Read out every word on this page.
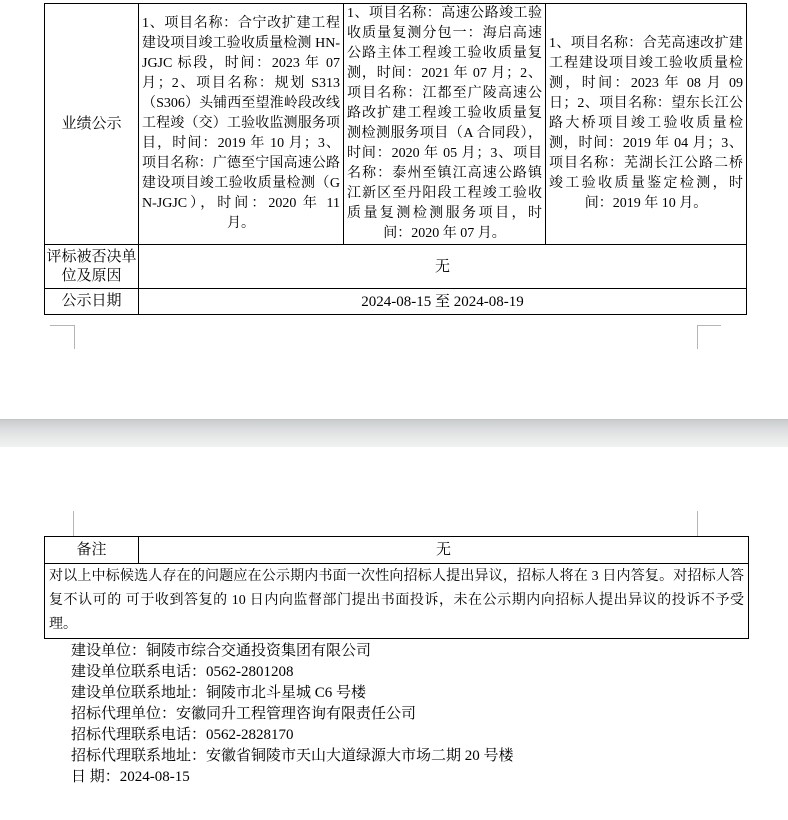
业绩公示	1、项目名称：合宁改扩建工程建设项目竣工验收质量检测 HN-JGJC 标段，时间：2023 年 07 月；2、项目名称：规划 S313（S306）头铺西至望淮岭段改线工程竣（交）工验收监测服务项目，时间：2019 年 10 月；3、项目名称：广德至宁国高速公路建设项目竣工验收质量检测（GN-JGJC），时间：2020 年 11 月。	1、项目名称：高速公路竣工验收质量复测分包一：海启高速公路主体工程竣工验收质量复测，时间：2021 年 07 月；2、项目名称：江都至广陵高速公路改扩建工程竣工验收质量复测检测服务项目（A 合同段），时间：2020 年 05 月；3、项目名称：泰州至镇江高速公路镇江新区至丹阳段工程竣工验收质量复测检测服务项目，时间：2020 年 07 月。	1、项目名称：合芜高速改扩建工程建设项目竣工验收质量检测，时间：2023 年 08 月 09 日；2、项目名称：望东长江公路大桥项目竣工验收质量检测，时间：2019 年 04 月；3、项目名称：芜湖长江公路二桥竣工验收质量鉴定检测，时间：2019 年 10 月。
评标被否决单位及原因	无		
公示日期	2024-08-15 至 2024-08-19		
备注	无
对以上中标候选人存在的问题应在公示期内书面一次性向招标人提出异议，招标人将在 3 日内答复。对招标人答复不认可的 可于收到答复的 10 日内向监督部门提出书面投诉，未在公示期内向招标人提出异议的投诉不予受理。
建设单位：铜陵市综合交通投资集团有限公司
建设单位联系电话：0562-2801208
建设单位联系地址：铜陵市北斗星城 C6 号楼
招标代理单位：安徽同升工程管理咨询有限责任公司
招标代理联系电话：0562-2828170
招标代理联系地址：安徽省铜陵市天山大道绿源大市场二期 20 号楼
日 期：2024-08-15
